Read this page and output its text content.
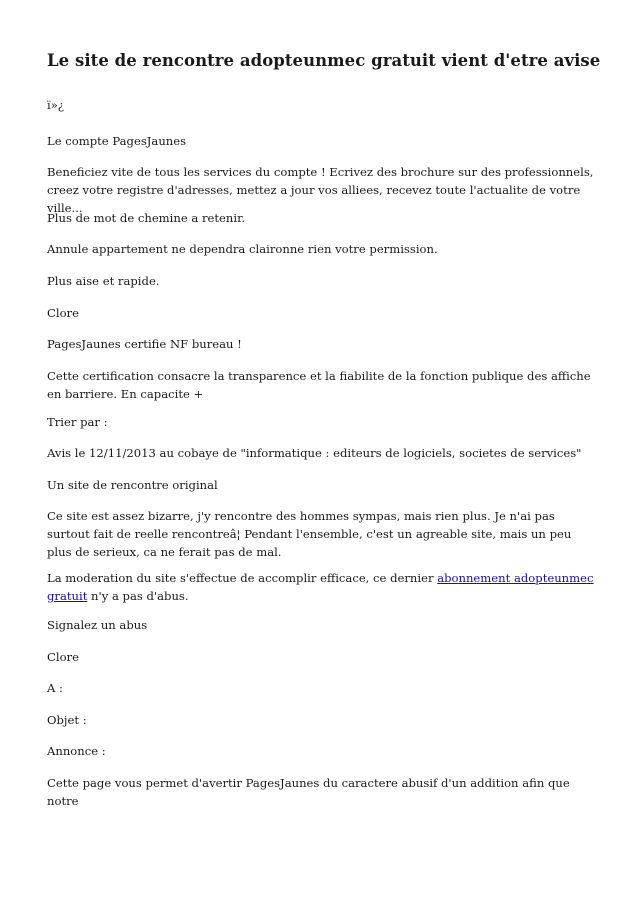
Le site de rencontre adopteunmec gratuit vient d'etre avise

ï»¿

Le compte PagesJaunes

Beneficiez vite de tous les services du compte ! Ecrivez des brochure sur des professionnels, creez votre registre d'adresses, mettez a jour vos alliees, recevez toute l'actualite de votre ville...

Plus de mot de chemine a retenir.

Annule appartement ne dependra claironne rien votre permission.

Plus aise et rapide.

Clore

PagesJaunes certifie NF bureau !

Cette certification consacre la transparence et la fiabilite de la fonction publique des affiche en barriere. En capacite +

Trier par :

Avis le 12/11/2013 au cobaye de "informatique : editeurs de logiciels, societes de services"

Un site de rencontre original

Ce site est assez bizarre, j'y rencontre des hommes sympas, mais rien plus. Je n'ai pas surtout fait de reelle rencontreâ¦ Pendant l'ensemble, c'est un agreable site, mais un peu plus de serieux, ca ne ferait pas de mal.

La moderation du site s'effectue de accomplir efficace, ce dernier abonnement adopteunmec gratuit n'y a pas d'abus.

Signalez un abus

Clore

A :

Objet :

Annonce :

Cette page vous permet d'avertir PagesJaunes du caractere abusif d'un addition afin que notre
